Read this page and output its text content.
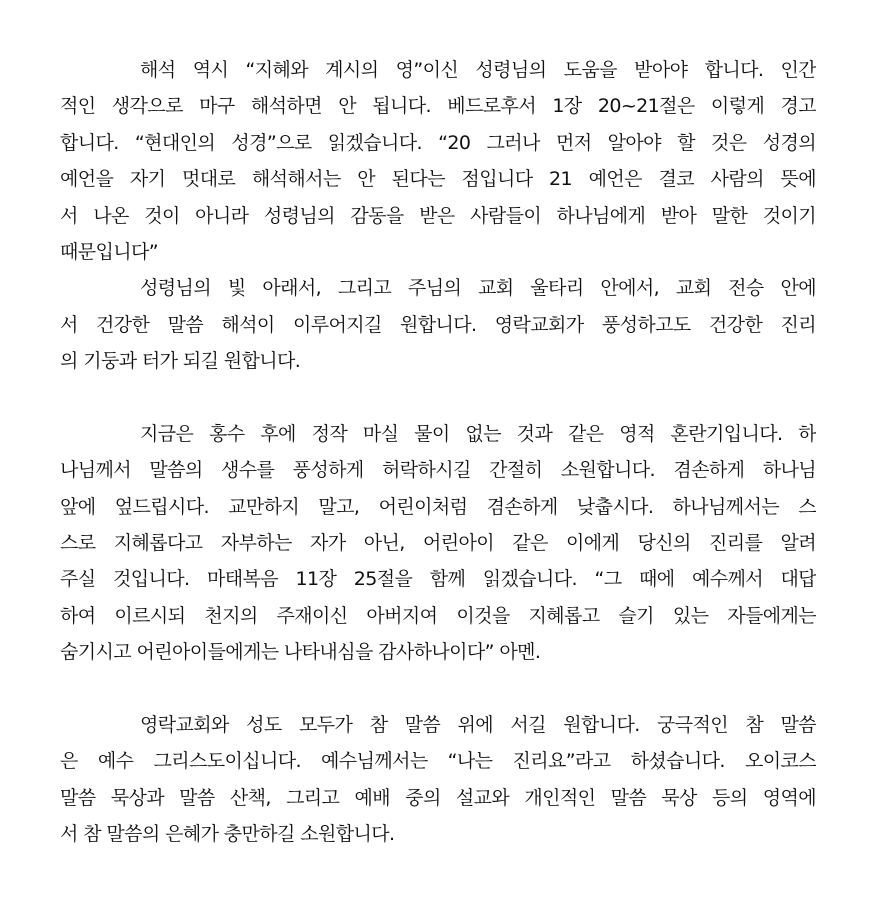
해석 역시 “지혜와 계시의 영”이신 성령님의 도움을 받아야 합니다. 인간
적인 생각으로 마구 해석하면 안 됩니다. 베드로후서 1장 20~21절은 이렇게 경고
합니다. “현대인의 성경”으로 읽겠습니다. “20 그러나 먼저 알아야 할 것은 성경의
예언을 자기 멋대로 해석해서는 안 된다는 점입니다 21 예언은 결코 사람의 뜻에
서 나온 것이 아니라 성령님의 감동을 받은 사람들이 하나님에게 받아 말한 것이기
때문입니다”
성령님의 빛 아래서, 그리고 주님의 교회 울타리 안에서, 교회 전승 안에
서 건강한 말씀 해석이 이루어지길 원합니다. 영락교회가 풍성하고도 건강한 진리
의 기둥과 터가 되길 원합니다.
지금은 홍수 후에 정작 마실 물이 없는 것과 같은 영적 혼란기입니다. 하
나님께서 말씀의 생수를 풍성하게 허락하시길 간절히 소원합니다. 겸손하게 하나님
앞에 엎드립시다. 교만하지 말고, 어린이처럼 겸손하게 낮춥시다. 하나님께서는 스
스로 지혜롭다고 자부하는 자가 아닌, 어린아이 같은 이에게 당신의 진리를 알려
주실 것입니다. 마태복음 11장 25절을 함께 읽겠습니다. “그 때에 예수께서 대답
하여 이르시되 천지의 주재이신 아버지여 이것을 지혜롭고 슬기 있는 자들에게는
숨기시고 어린아이들에게는 나타내심을 감사하나이다” 아멘.
영락교회와 성도 모두가 참 말씀 위에 서길 원합니다. 궁극적인 참 말씀
은 예수 그리스도이십니다. 예수님께서는 “나는 진리요”라고 하셨습니다. 오이코스
말씀 묵상과 말씀 산책, 그리고 예배 중의 설교와 개인적인 말씀 묵상 등의 영역에
서 참 말씀의 은혜가 충만하길 소원합니다.
